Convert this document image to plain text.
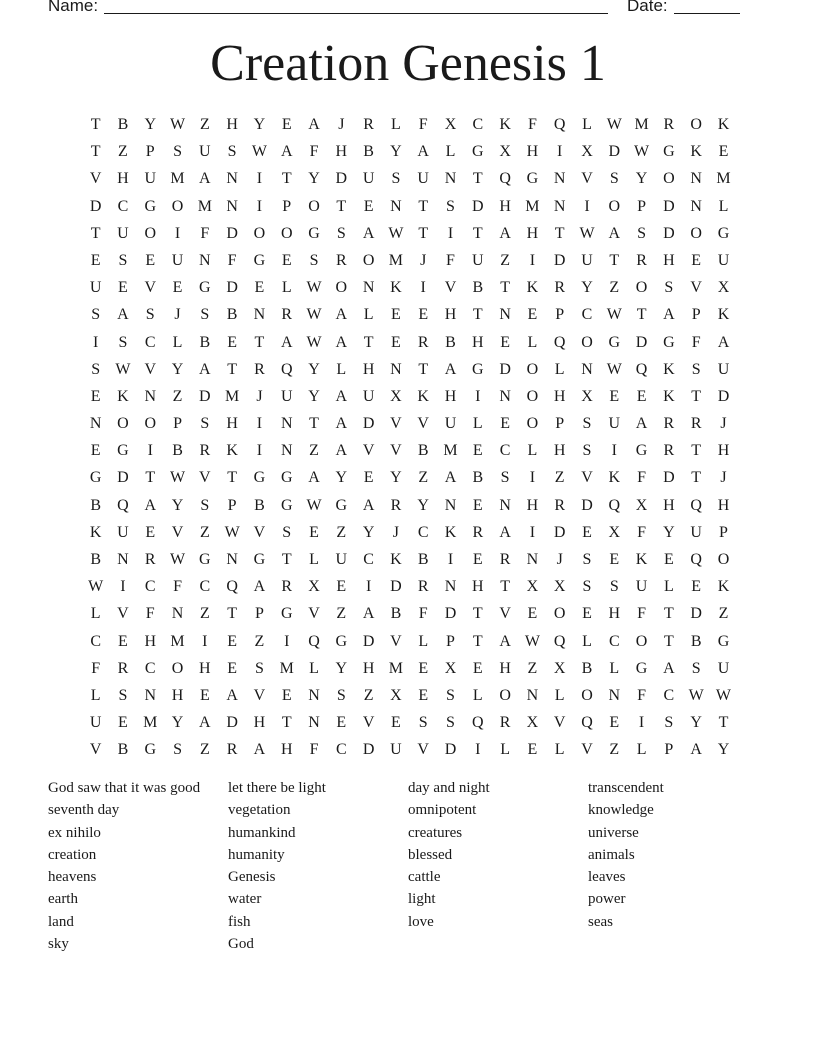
Name:	Date:
Creation Genesis 1
T	B	Y W Z	H Y	E	A	J	R	L	F	X	C	K	F	Q	L W M R	O K
T	Z	P	S	U	S W A	F	H	B	Y A	L	G X H	I	X D W G K	E
V H U M A N	I	T	Y D U	S	U N	T	Q G N V	S	Y O N M
D	C	G O M N	I	P	O	T	E	N	T	S	D H M N	I	O	P	D N	L
T	U O	I	F	D O O G	S	A W T	I	T	A H	T W A	S	D O G
E	S	E	U N	F	G	E	S	R	O M	J	F	U	Z	I	D U	T	R	H	E	U
U	E	V	E	G D	E	L W O N K	I	V	B	T	K	R	Y	Z	O	S	V X
S	A	S	J	S	B	N	R W A	L	E	E	H	T	N	E	P	C W T	A	P	K
I	S	C	L	B	E	T	A W A	T	E	R	B	H	E	L	Q O G D G	F	A
S W V Y A	T	R	Q Y	L	H N	T	A G D O	L	N W Q K	S	U
E	K N	Z	D M	J	U Y A U X K H	I	N O H X	E	E	K	T	D
N O O	P	S	H	I	N	T	A D V V U	L	E	O	P	S	U A	R	R	J
E	G	I	B	R	K	I	N	Z	A V V	B M E	C	L	H	S	I	G	R	T	H
G D	T W V	T	G G A Y	E	Y	Z	A	B	S	I	Z	V K	F	D	T	J
B	Q A Y	S	P	B	G W G A	R	Y N	E	N H	R	D Q X H Q H
K U	E	V	Z W V	S	E	Z	Y	J	C	K	R	A	I	D	E	X	F	Y U	P
B	N	R W G N G	T	L	U	C	K	B	I	E	R	N	J	S	E	K	E	Q O
W	I	C	F	C	Q A	R	X	E	I	D	R	N H	T	X X	S	S	U	L	E	K
L	V	F	N	Z	T	P	G V	Z	A	B	F	D	T	V	E	O	E	H	F	T	D	Z
C	E	H M	I	E	Z	I	Q G D V	L	P	T	A W Q	L	C	O	T	B	G
F	R	C	O H	E	S M L	Y H M E	X	E	H	Z	X	B	L	G A	S	U
L	S	N H	E	A V	E	N	S	Z	X	E	S	L	O N	L	O N	F	C W W
U	E M Y A D H	T	N	E	V	E	S	S	Q	R	X V Q	E	I	S	Y	T
V	B	G	S	Z	R	A H	F	C	D U V D	I	L	E	L	V	Z	L	P	A Y
God saw that it was good
seventh day
ex nihilo
creation
heavens
earth
land
sky
let there be light
vegetation
humankind
humanity
Genesis
water
fish
God
day and night
omnipotent
creatures
blessed
cattle
light
love
transcendent
knowledge
universe
animals
leaves
power
seas
